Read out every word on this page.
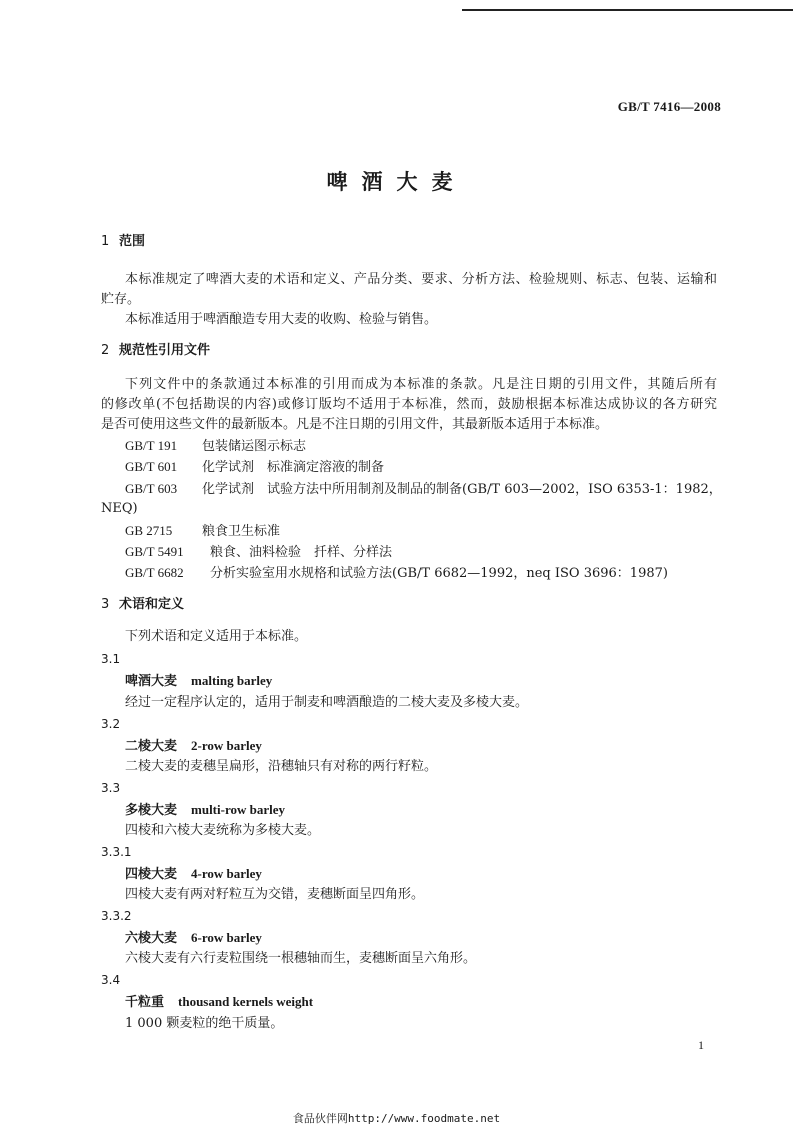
GB/T 7416—2008
啤酒大麦
1 范围
本标准规定了啤酒大麦的术语和定义、产品分类、要求、分析方法、检验规则、标志、包装、运输和
贮存。
本标准适用于啤酒酿造专用大麦的收购、检验与销售。
2 规范性引用文件
下列文件中的条款通过本标准的引用而成为本标准的条款。凡是注日期的引用文件，其随后所有
的修改单(不包括勘误的内容)或修订版均不适用于本标准，然而，鼓励根据本标准达成协议的各方研究
是否可使用这些文件的最新版本。凡是不注日期的引用文件，其最新版本适用于本标准。
GB/T 191 包装储运图示标志
GB/T 601 化学试剂　标准滴定溶液的制备
GB/T 603 化学试剂　试验方法中所用制剂及制品的制备(GB/T 603—2002，ISO 6353-1：1982，
NEQ)
GB 2715 粮食卫生标准
GB/T 5491 粮食、油料检验　扦样、分样法
GB/T 6682 分析实验室用水规格和试验方法(GB/T 6682—1992，neq ISO 3696：1987)
3 术语和定义
下列术语和定义适用于本标准。
3.1
啤酒大麦 malting barley
经过一定程序认定的，适用于制麦和啤酒酿造的二棱大麦及多棱大麦。
3.2
二棱大麦 2-row barley
二棱大麦的麦穗呈扁形，沿穗轴只有对称的两行籽粒。
3.3
多棱大麦 multi-row barley
四棱和六棱大麦统称为多棱大麦。
3.3.1
四棱大麦 4-row barley
四棱大麦有两对籽粒互为交错，麦穗断面呈四角形。
3.3.2
六棱大麦 6-row barley
六棱大麦有六行麦粒围绕一根穗轴而生，麦穗断面呈六角形。
3.4
千粒重 thousand kernels weight
1 000 颗麦粒的绝干质量。
1
食品伙伴网http://www.foodmate.net
